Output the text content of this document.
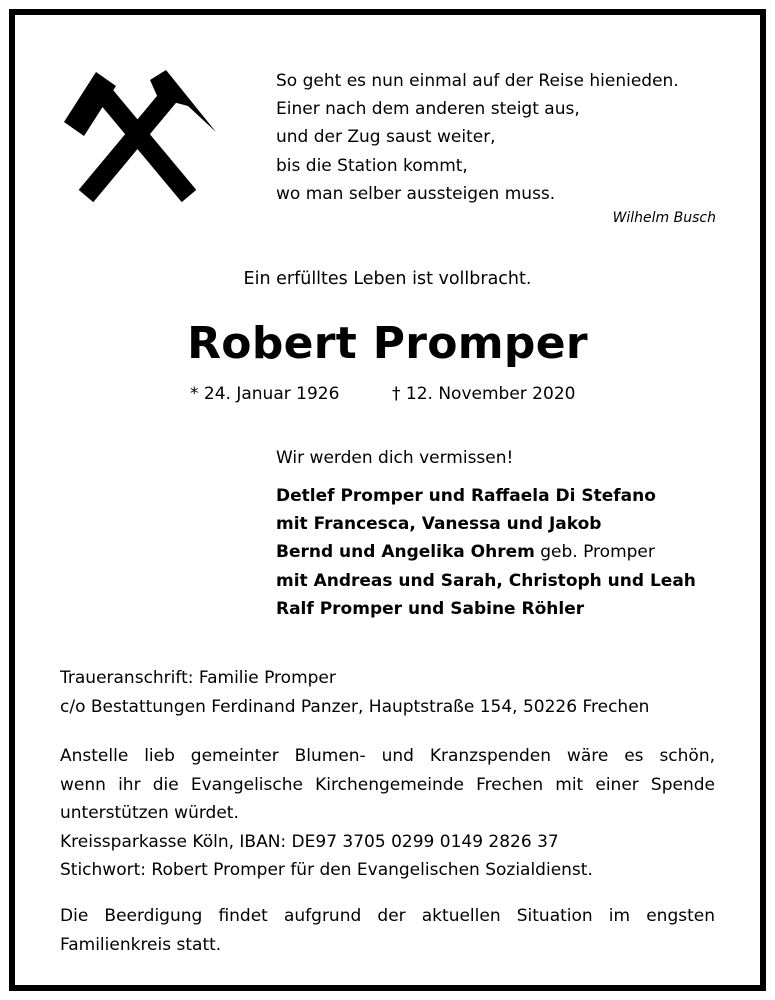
So geht es nun einmal auf der Reise hienieden.
Einer nach dem anderen steigt aus,
und der Zug saust weiter,
bis die Station kommt,
wo man selber aussteigen muss.
Wilhelm Busch
Ein erfülltes Leben ist vollbracht.
Robert Promper
* 24. Januar 1926	† 12. November 2020
Wir werden dich vermissen!
Detlef Promper und Raffaela Di Stefano
mit Francesca, Vanessa und Jakob
Bernd und Angelika Ohrem geb. Promper
mit Andreas und Sarah, Christoph und Leah
Ralf Promper und Sabine Röhler
Traueranschrift: Familie Promper
c/o Bestattungen Ferdinand Panzer, Hauptstraße 154, 50226 Frechen
Anstelle lieb gemeinter Blumen- und Kranzspenden wäre es schön,
wenn ihr die Evangelische Kirchengemeinde Frechen mit einer Spende
unterstützen würdet.
Kreissparkasse Köln, IBAN: DE97 3705 0299 0149 2826 37
Stichwort: Robert Promper für den Evangelischen Sozialdienst.
Die Beerdigung findet aufgrund der aktuellen Situation im engsten
Familienkreis statt.
